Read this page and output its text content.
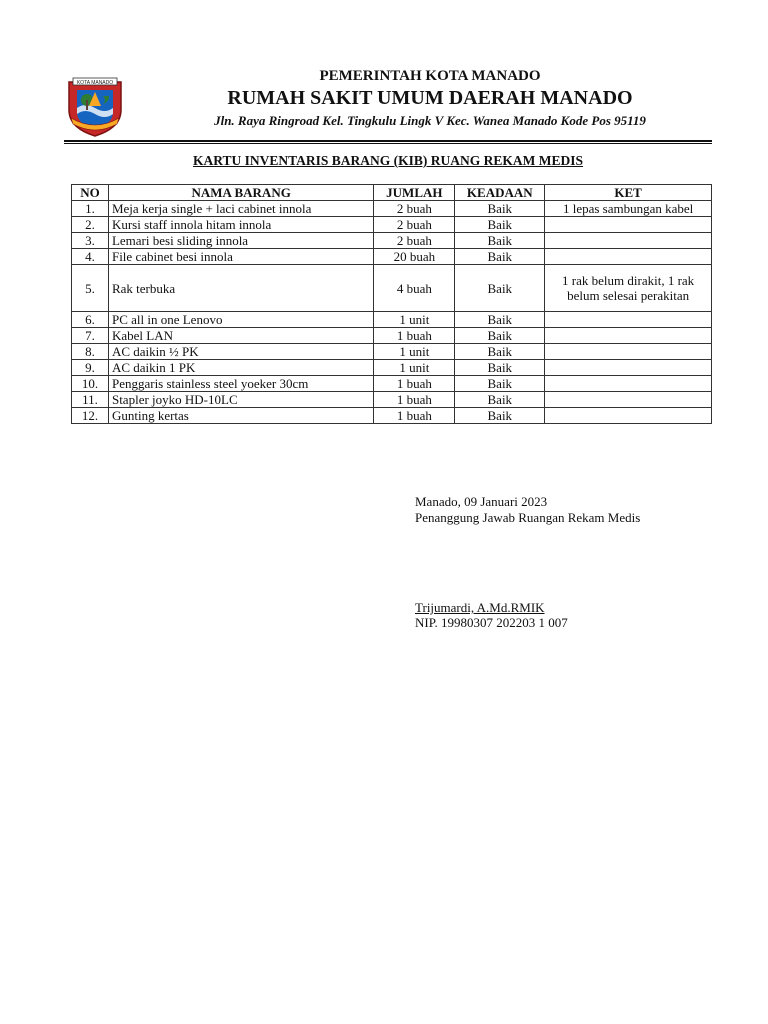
KOTA MANADO	PEMERINTAH KOTA MANADO
RUMAH SAKIT UMUM DAERAH MANADO
Jln. Raya Ringroad Kel. Tingkulu Lingk V Kec. Wanea Manado Kode Pos 95119
KARTU INVENTARIS BARANG (KIB) RUANG REKAM MEDIS
NO	NAMA BARANG	JUMLAH	KEADAAN	KET
1.	Meja kerja single + laci cabinet innola	2 buah	Baik	1 lepas sambungan kabel
2.	Kursi staff innola hitam innola	2 buah	Baik	
3.	Lemari besi sliding innola	2 buah	Baik	
4.	File cabinet besi innola	20 buah	Baik	
5.	Rak terbuka	4 buah	Baik	1 rak belum dirakit, 1 rak belum selesai perakitan
6.	PC all in one Lenovo	1 unit	Baik	
7.	Kabel LAN	1 buah	Baik	
8.	AC daikin ½ PK	1 unit	Baik	
9.	AC daikin 1 PK	1 unit	Baik	
10.	Penggaris stainless steel yoeker 30cm	1 buah	Baik	
11.	Stapler joyko HD-10LC	1 buah	Baik	
12.	Gunting kertas	1 buah	Baik	
Manado, 09 Januari 2023
Penanggung Jawab Ruangan Rekam Medis
Trijumardi, A.Md.RMIK
NIP. 19980307 202203 1 007
